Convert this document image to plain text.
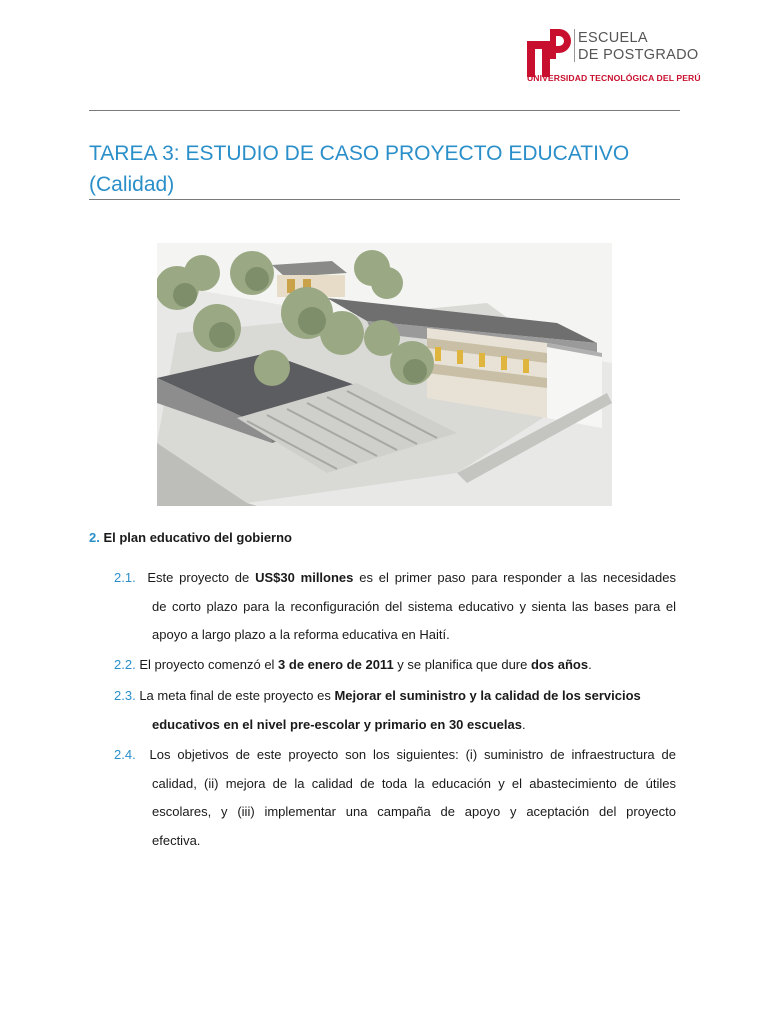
ESCUELA
DE POSTGRADO
UNIVERSIDAD TECNOLÓGICA DEL PERÚ
TAREA 3: ESTUDIO DE CASO PROYECTO EDUCATIVO
(Calidad)
2. El plan educativo del gobierno

2.1. Este proyecto de US$30 millones es el primer paso para responder a las necesidades

de corto plazo para la reconfiguración del sistema educativo y sienta las bases para el

apoyo a largo plazo a la reforma educativa en Haití.

2.2. El proyecto comenzó el 3 de enero de 2011 y se planifica que dure dos años.

2.3. La meta final de este proyecto es Mejorar el suministro y la calidad de los servicios

educativos en el nivel pre-escolar y primario en 30 escuelas.

2.4. Los objetivos de este proyecto son los siguientes: (i) suministro de infraestructura de

calidad, (ii) mejora de la calidad de toda la educación y el abastecimiento de útiles

escolares, y (iii) implementar una campaña de apoyo y aceptación del proyecto

efectiva.
